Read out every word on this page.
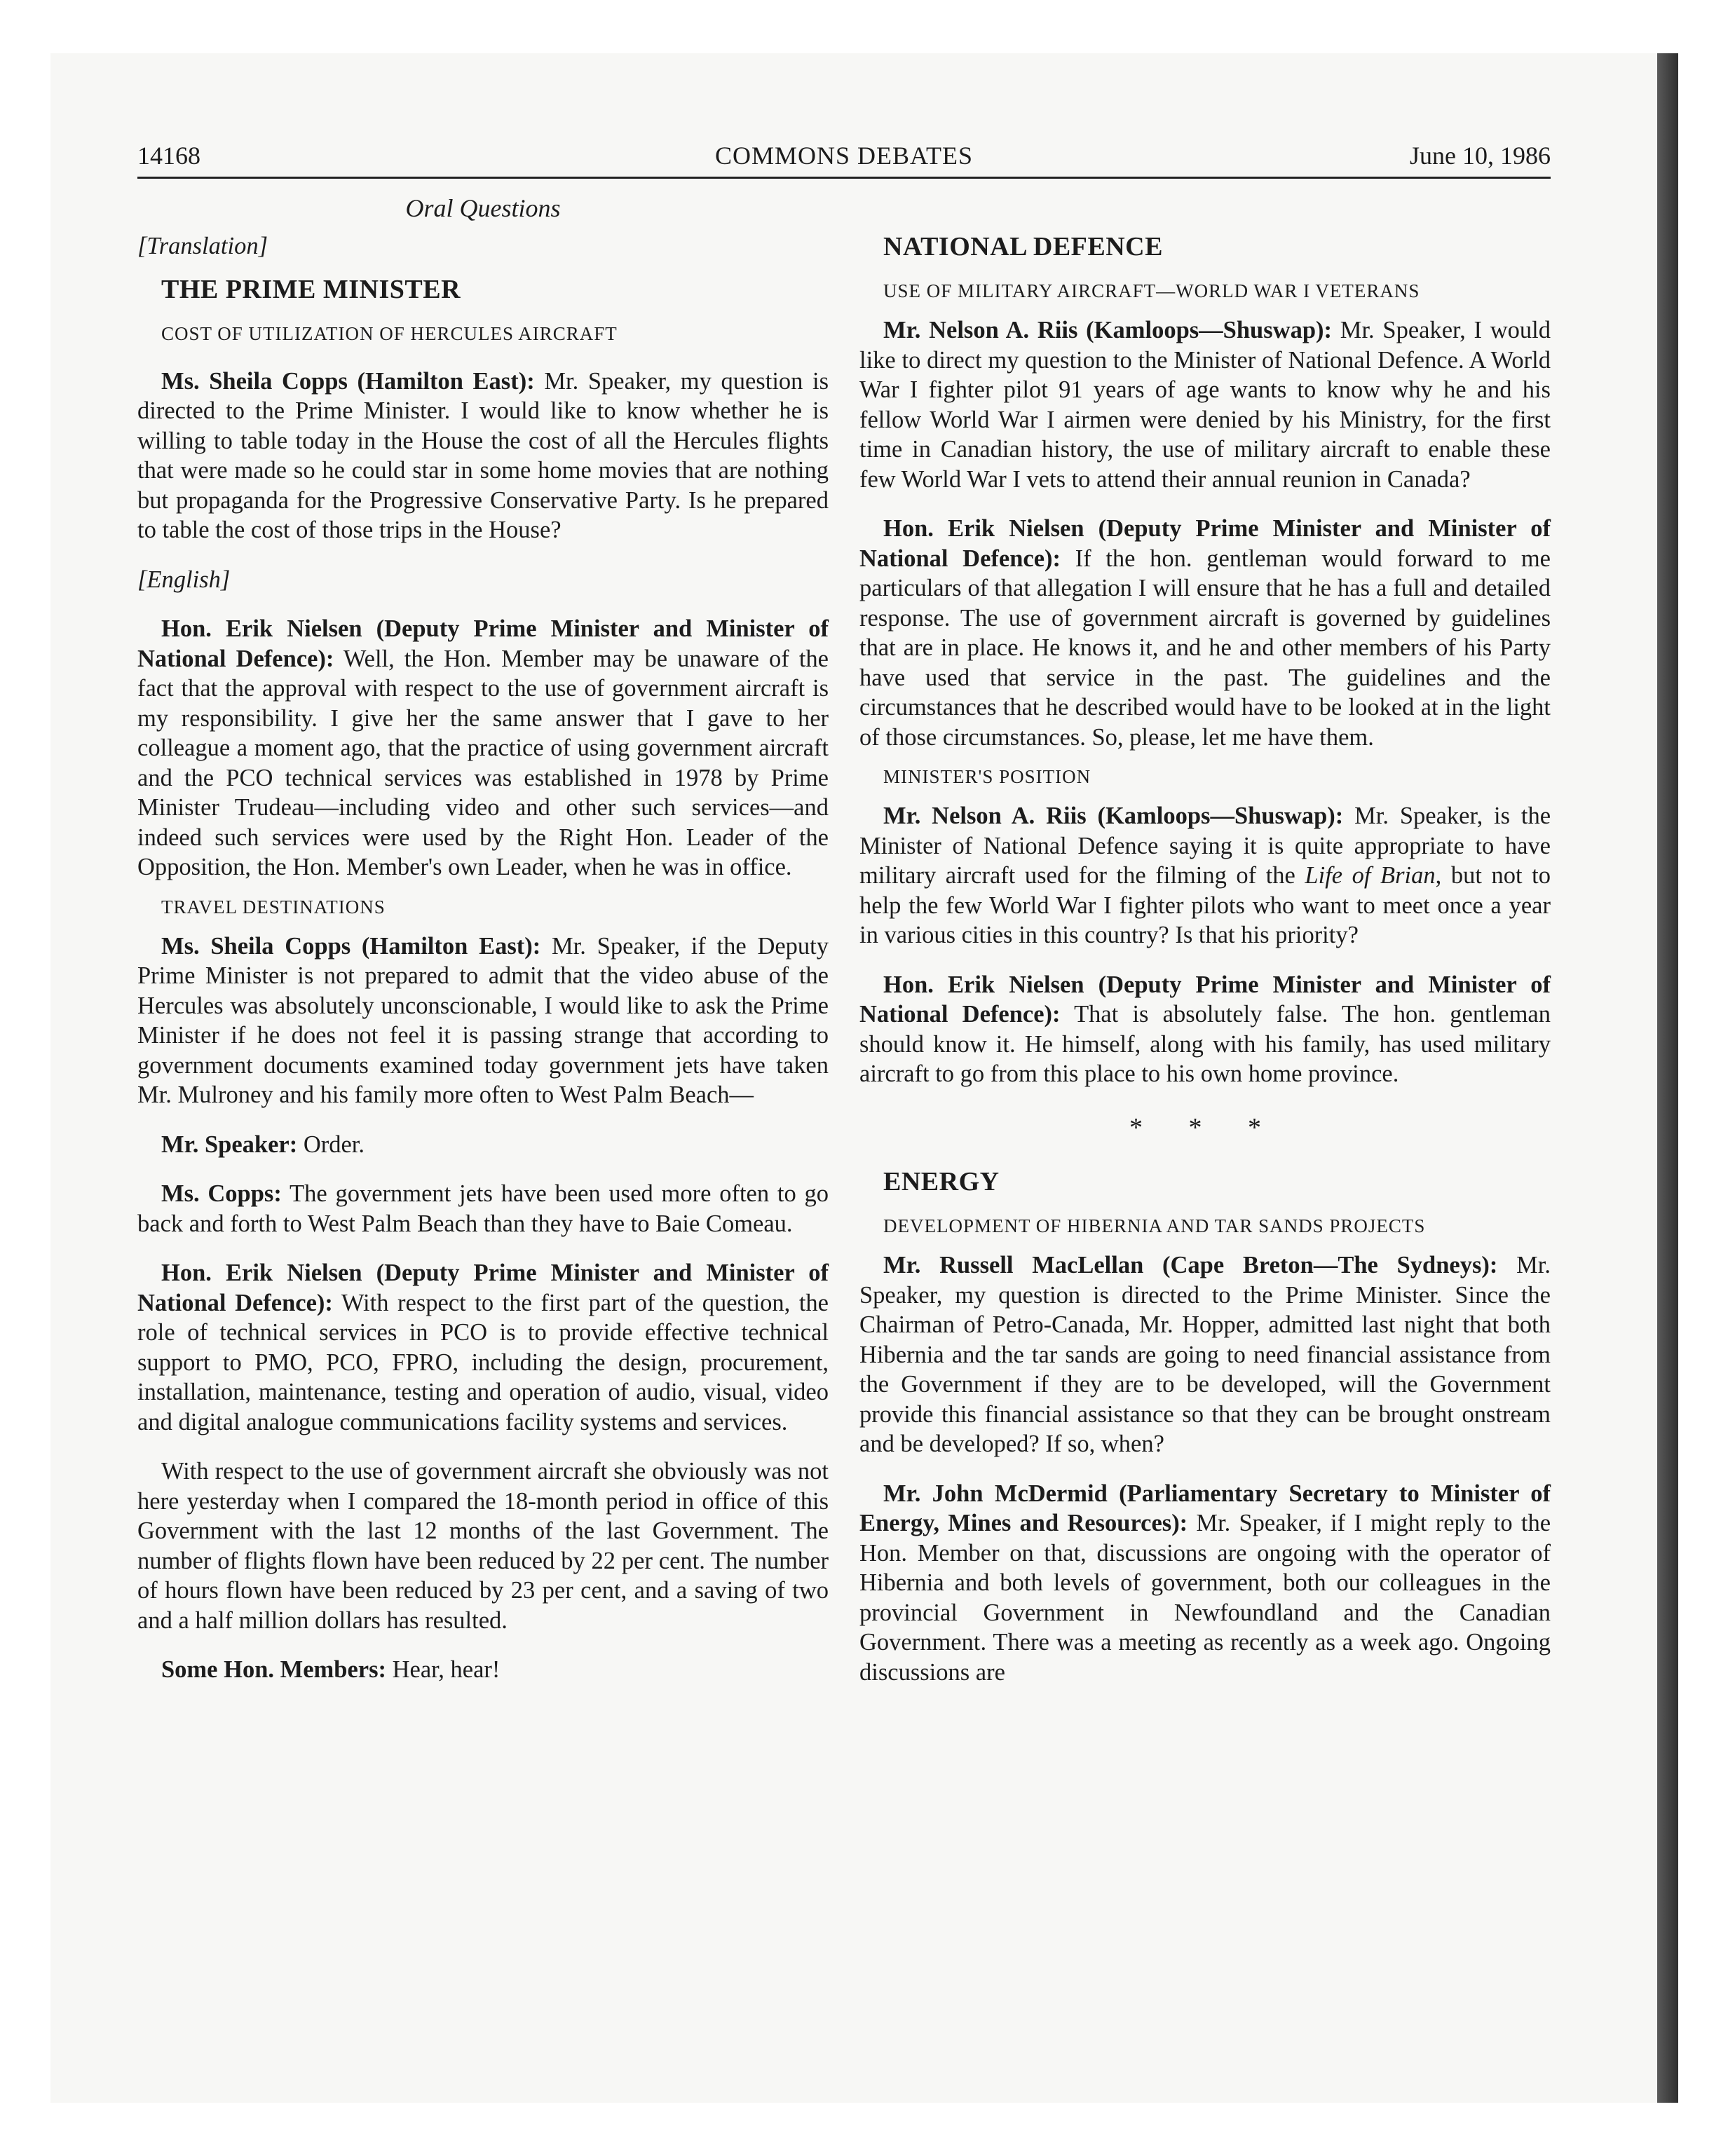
14168	COMMONS DEBATES	June 10, 1986
Oral Questions

[Translation]

THE PRIME MINISTER

COST OF UTILIZATION OF HERCULES AIRCRAFT

Ms. Sheila Copps (Hamilton East): Mr. Speaker, my question is directed to the Prime Minister. I would like to know whether he is willing to table today in the House the cost of all the Hercules flights that were made so he could star in some home movies that are nothing but propaganda for the Progressive Conservative Party. Is he prepared to table the cost of those trips in the House?

[English]

Hon. Erik Nielsen (Deputy Prime Minister and Minister of National Defence): Well, the Hon. Member may be unaware of the fact that the approval with respect to the use of government aircraft is my responsibility. I give her the same answer that I gave to her colleague a moment ago, that the practice of using government aircraft and the PCO technical services was established in 1978 by Prime Minister Trudeau—including video and other such services—and indeed such services were used by the Right Hon. Leader of the Opposition, the Hon. Member's own Leader, when he was in office.

TRAVEL DESTINATIONS

Ms. Sheila Copps (Hamilton East): Mr. Speaker, if the Deputy Prime Minister is not prepared to admit that the video abuse of the Hercules was absolutely unconscionable, I would like to ask the Prime Minister if he does not feel it is passing strange that according to government documents examined today government jets have taken Mr. Mulroney and his family more often to West Palm Beach—

Mr. Speaker: Order.

Ms. Copps: The government jets have been used more often to go back and forth to West Palm Beach than they have to Baie Comeau.

Hon. Erik Nielsen (Deputy Prime Minister and Minister of National Defence): With respect to the first part of the question, the role of technical services in PCO is to provide effective technical support to PMO, PCO, FPRO, including the design, procurement, installation, maintenance, testing and operation of audio, visual, video and digital analogue communications facility systems and services.

With respect to the use of government aircraft she obviously was not here yesterday when I compared the 18-month period in office of this Government with the last 12 months of the last Government. The number of flights flown have been reduced by 22 per cent. The number of hours flown have been reduced by 23 per cent, and a saving of two and a half million dollars has resulted.

Some Hon. Members: Hear, hear!

NATIONAL DEFENCE

USE OF MILITARY AIRCRAFT—WORLD WAR I VETERANS

Mr. Nelson A. Riis (Kamloops—Shuswap): Mr. Speaker, I would like to direct my question to the Minister of National Defence. A World War I fighter pilot 91 years of age wants to know why he and his fellow World War I airmen were denied by his Ministry, for the first time in Canadian history, the use of military aircraft to enable these few World War I vets to attend their annual reunion in Canada?

Hon. Erik Nielsen (Deputy Prime Minister and Minister of National Defence): If the hon. gentleman would forward to me particulars of that allegation I will ensure that he has a full and detailed response. The use of government aircraft is governed by guidelines that are in place. He knows it, and he and other members of his Party have used that service in the past. The guidelines and the circumstances that he described would have to be looked at in the light of those circumstances. So, please, let me have them.

MINISTER'S POSITION

Mr. Nelson A. Riis (Kamloops—Shuswap): Mr. Speaker, is the Minister of National Defence saying it is quite appropriate to have military aircraft used for the filming of the Life of Brian, but not to help the few World War I fighter pilots who want to meet once a year in various cities in this country? Is that his priority?

Hon. Erik Nielsen (Deputy Prime Minister and Minister of National Defence): That is absolutely false. The hon. gentleman should know it. He himself, along with his family, has used military aircraft to go from this place to his own home province.

* * *

ENERGY

DEVELOPMENT OF HIBERNIA AND TAR SANDS PROJECTS

Mr. Russell MacLellan (Cape Breton—The Sydneys): Mr. Speaker, my question is directed to the Prime Minister. Since the Chairman of Petro-Canada, Mr. Hopper, admitted last night that both Hibernia and the tar sands are going to need financial assistance from the Government if they are to be developed, will the Government provide this financial assistance so that they can be brought onstream and be developed? If so, when?

Mr. John McDermid (Parliamentary Secretary to Minister of Energy, Mines and Resources): Mr. Speaker, if I might reply to the Hon. Member on that, discussions are ongoing with the operator of Hibernia and both levels of government, both our colleagues in the provincial Government in Newfoundland and the Canadian Government. There was a meeting as recently as a week ago. Ongoing discussions are
